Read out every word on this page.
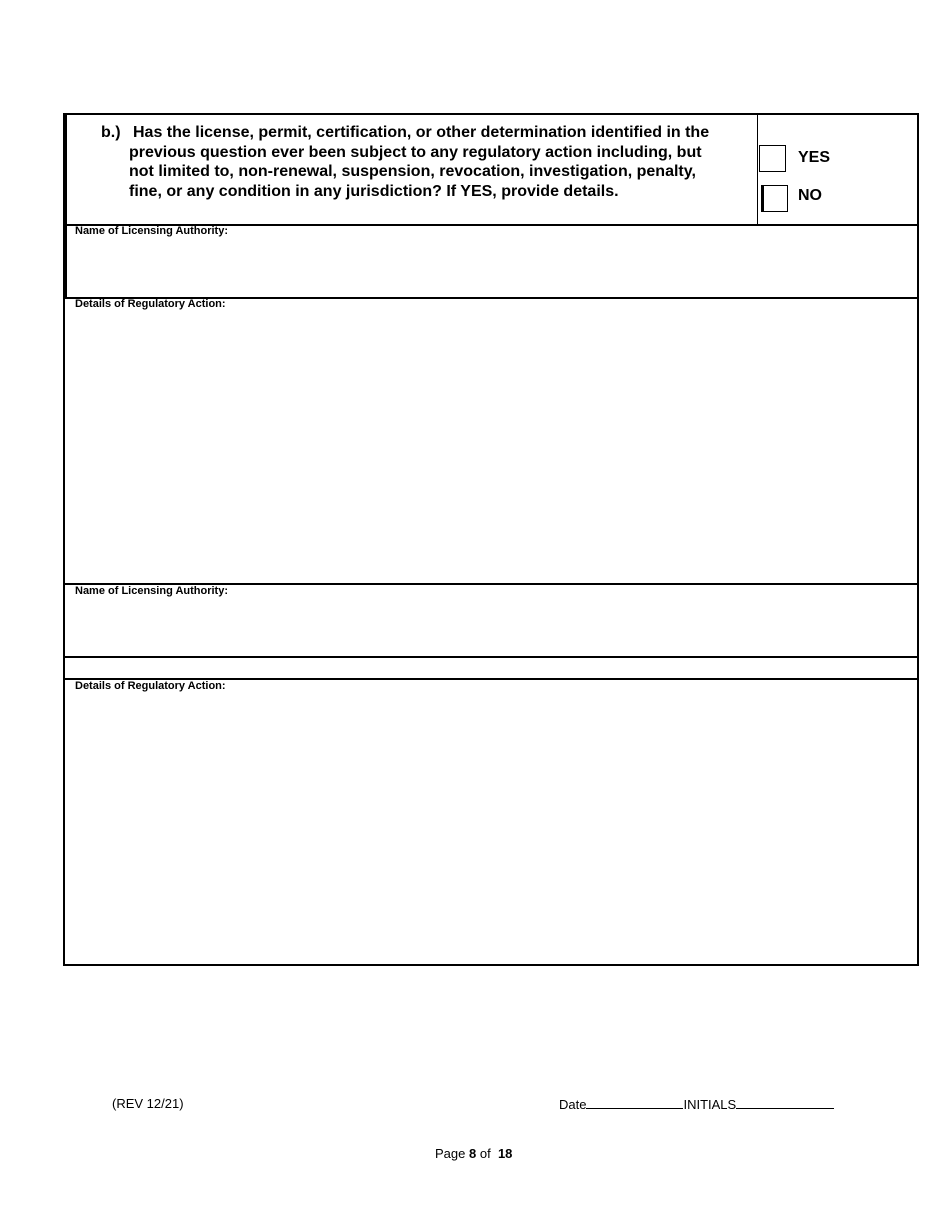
b.) Has the license, permit, certification, or other determination identified in the
previous question ever been subject to any regulatory action including, but
not limited to, non-renewal, suspension, revocation, investigation, penalty,
fine, or any condition in any jurisdiction? If YES, provide details.
YES
NO
Name of Licensing Authority:
Details of Regulatory Action:
Name of Licensing Authority:
Details of Regulatory Action:
(REV 12/21)	Date	INITIALS
Page 8 of 18
